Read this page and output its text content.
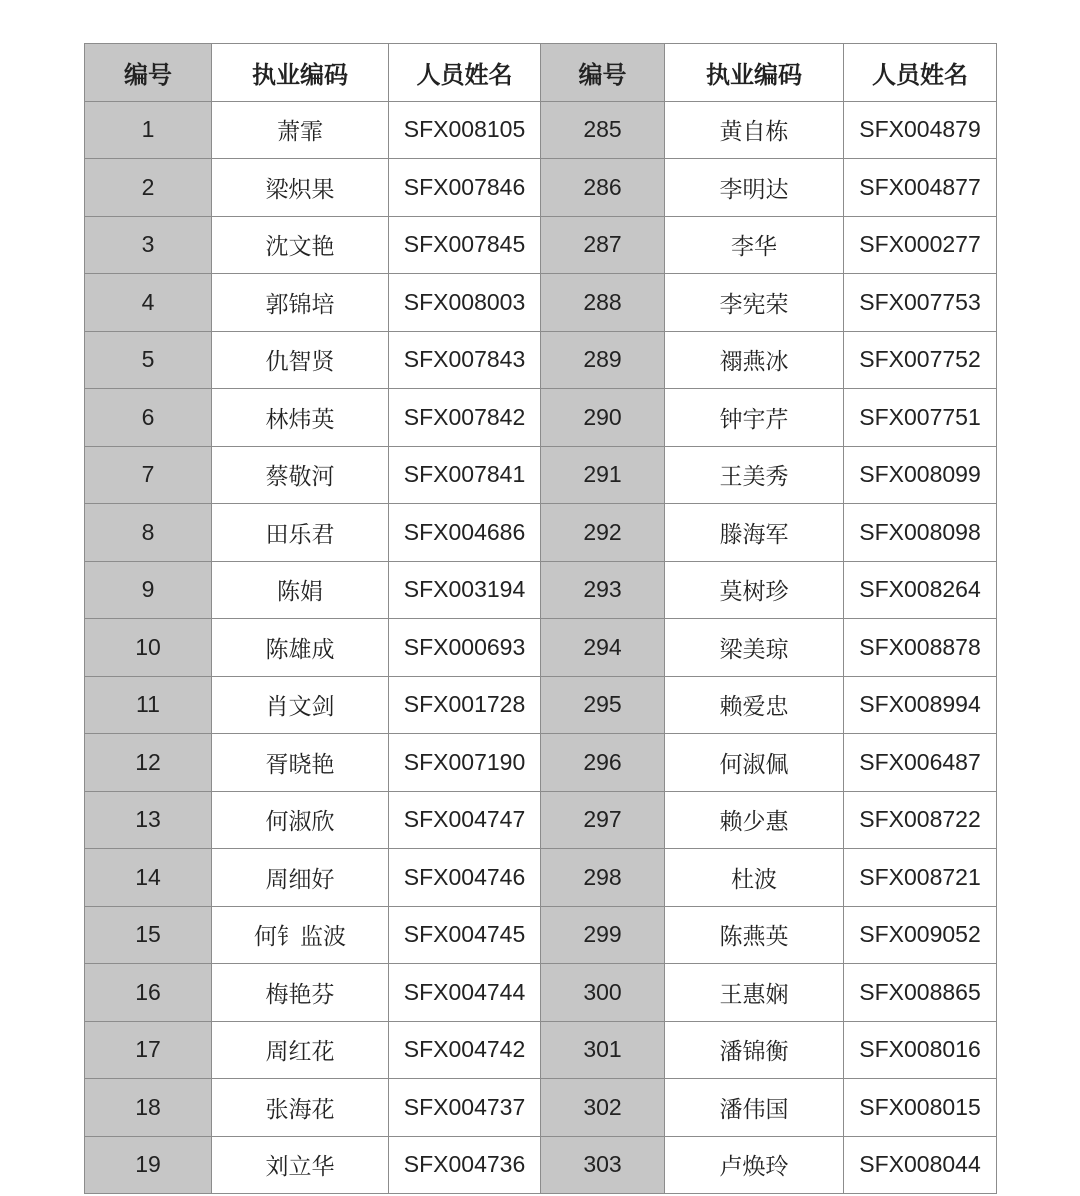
编号	执业编码	人员姓名	编号	执业编码	人员姓名
1	萧霏	SFX008105	285	黄自栋	SFX004879
2	梁炽果	SFX007846	286	李明达	SFX004877
3	沈文艳	SFX007845	287	李华	SFX000277
4	郭锦培	SFX008003	288	李宪荣	SFX007753
5	仇智贤	SFX007843	289	禤燕冰	SFX007752
6	林炜英	SFX007842	290	钟宇芹	SFX007751
7	蔡敬河	SFX007841	291	王美秀	SFX008099
8	田乐君	SFX004686	292	滕海军	SFX008098
9	陈娟	SFX003194	293	莫树珍	SFX008264
10	陈雄成	SFX000693	294	梁美琼	SFX008878
11	肖文剑	SFX001728	295	赖爱忠	SFX008994
12	胥晓艳	SFX007190	296	何淑佩	SFX006487
13	何淑欣	SFX004747	297	赖少惠	SFX008722
14	周细好	SFX004746	298	杜波	SFX008721
15	何钅监波	SFX004745	299	陈燕英	SFX009052
16	梅艳芬	SFX004744	300	王惠娴	SFX008865
17	周红花	SFX004742	301	潘锦衡	SFX008016
18	张海花	SFX004737	302	潘伟国	SFX008015
19	刘立华	SFX004736	303	卢焕玲	SFX008044
